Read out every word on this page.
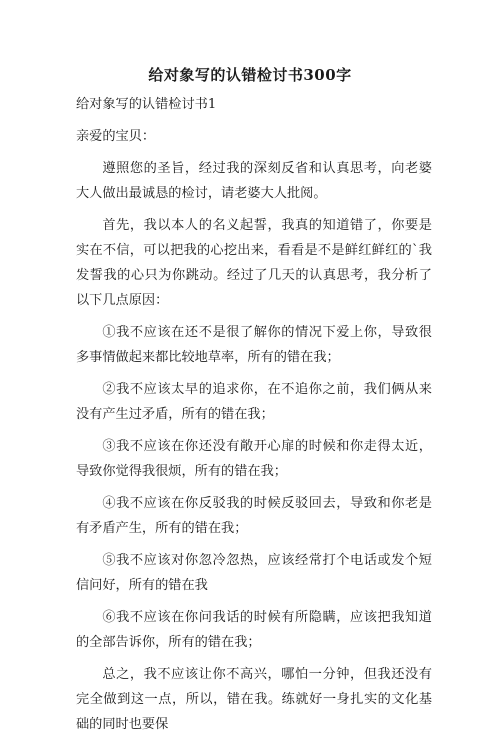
给对象写的认错检讨书300字

给对象写的认错检讨书1

亲爱的宝贝：

遵照您的圣旨，经过我的深刻反省和认真思考，向老婆大人做出最诚恳的检讨，请老婆大人批阅。

首先，我以本人的名义起誓，我真的知道错了，你要是实在不信，可以把我的心挖出来，看看是不是鲜红鲜红的`我发誓我的心只为你跳动。经过了几天的认真思考，我分析了以下几点原因：

①我不应该在还不是很了解你的情况下爱上你，导致很多事情做起来都比较地草率，所有的错在我；

②我不应该太早的追求你，在不追你之前，我们俩从来没有产生过矛盾，所有的错在我；

③我不应该在你还没有敞开心扉的时候和你走得太近，导致你觉得我很烦，所有的错在我；

④我不应该在你反驳我的时候反驳回去，导致和你老是有矛盾产生，所有的错在我；

⑤我不应该对你忽冷忽热，应该经常打个电话或发个短信问好，所有的错在我

⑥我不应该在你问我话的时候有所隐瞒，应该把我知道的全部告诉你，所有的错在我；

总之，我不应该让你不高兴，哪怕一分钟，但我还没有完全做到这一点，所以，错在我。练就好一身扎实的文化基础的同时也要保
